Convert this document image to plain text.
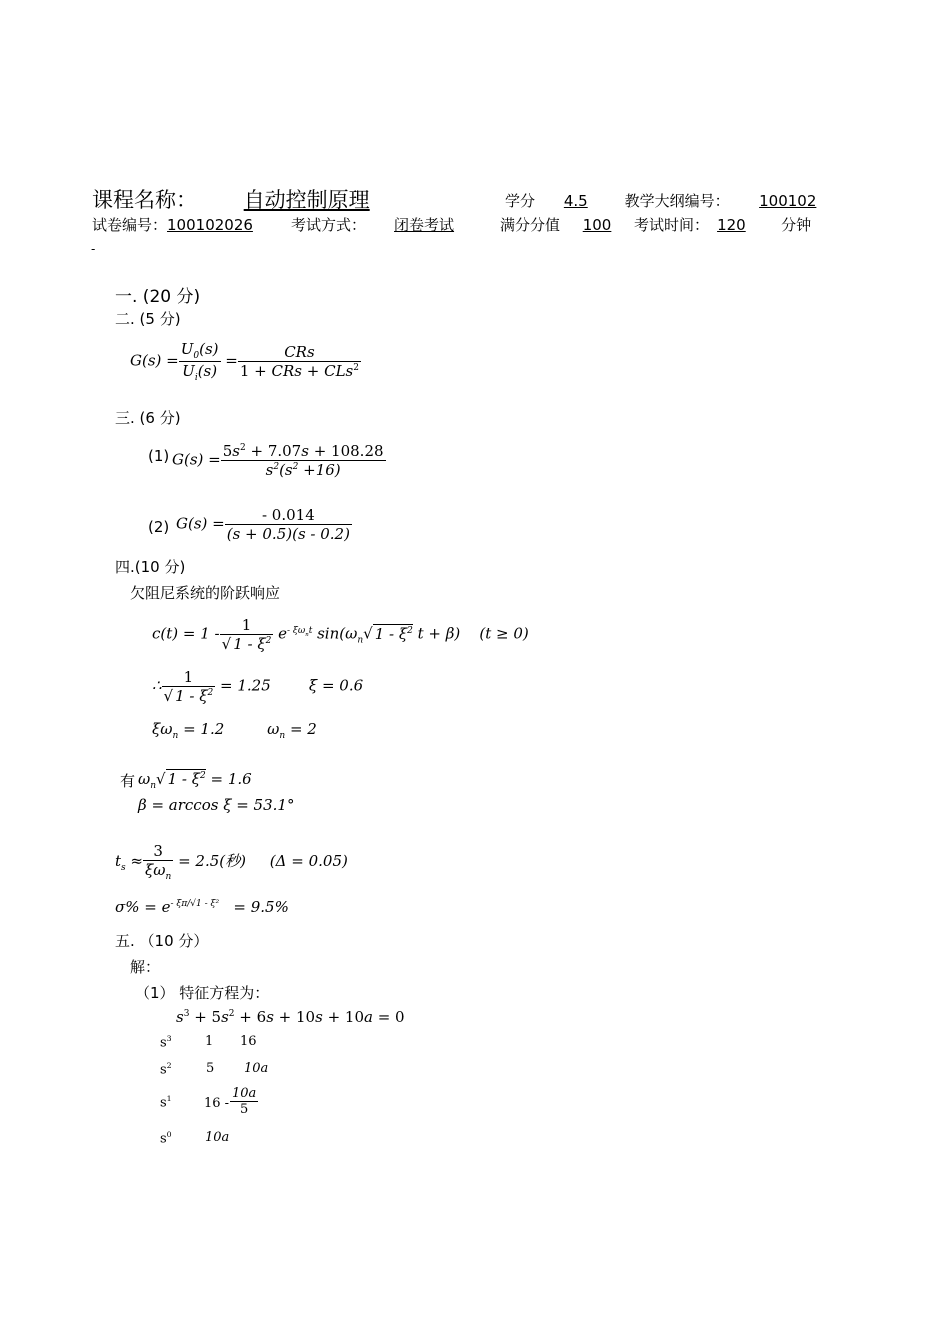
课程名称： 自动控制原理	学分 4.5 教学大纲编号： 100102
试卷编号：100102026	考试方式： 闭卷考试	满分分值 100 考试时间： 120 分钟
-
一. (20 分)
二. (5 分)
$G(s) = \frac{U_0(s)}{U_i(s)} = \frac{\text{CRs}}{1 + CRs + CLs^2}$
三. (6 分)
(1) $G(s) = \frac{5s^2 + 7.07s + 108.28}{s^2(s^2 +16)}$
(2) $G(s) = \frac{- 0.014}{(s + 0.5)(s - 0.2)}$
四.(10 分)
欠阻尼系统的阶跃响应
$c(t) = 1 - \frac{1}{√ 1 - \xi^2} e^{- \xi\omega_nt}$ $\sin(\omega_n√$ $1 - \xi^2$ t + β)    (t ≥ 0)
∴ $\frac{1}{√ 1 - \xi^2} = 1.25$        ξ = 0.6
$\xi\omega_n = 1.2$         $\omega_n = 2$
有 $\omega_n√$ $1 - \xi^2 = 1.6$
β = arccos ξ = 53.1°
$t_s \approx \frac{3}{\xi\omega_n} = 2.5$(秒)     (Δ = 0.05)
$\sigma\% = e^{- \xi\pi/√1 - \xi^2} = 9.5\%$
五. （10 分）
解：
（1） 特征方程为：
$s^3 + 5s^2 + 6s + 10s + 10a = 0$
$s^3$	1 16
$s^2$	5 10a
$s^1$ $16 - \frac{10a}{5}$
$s^0$	10a
